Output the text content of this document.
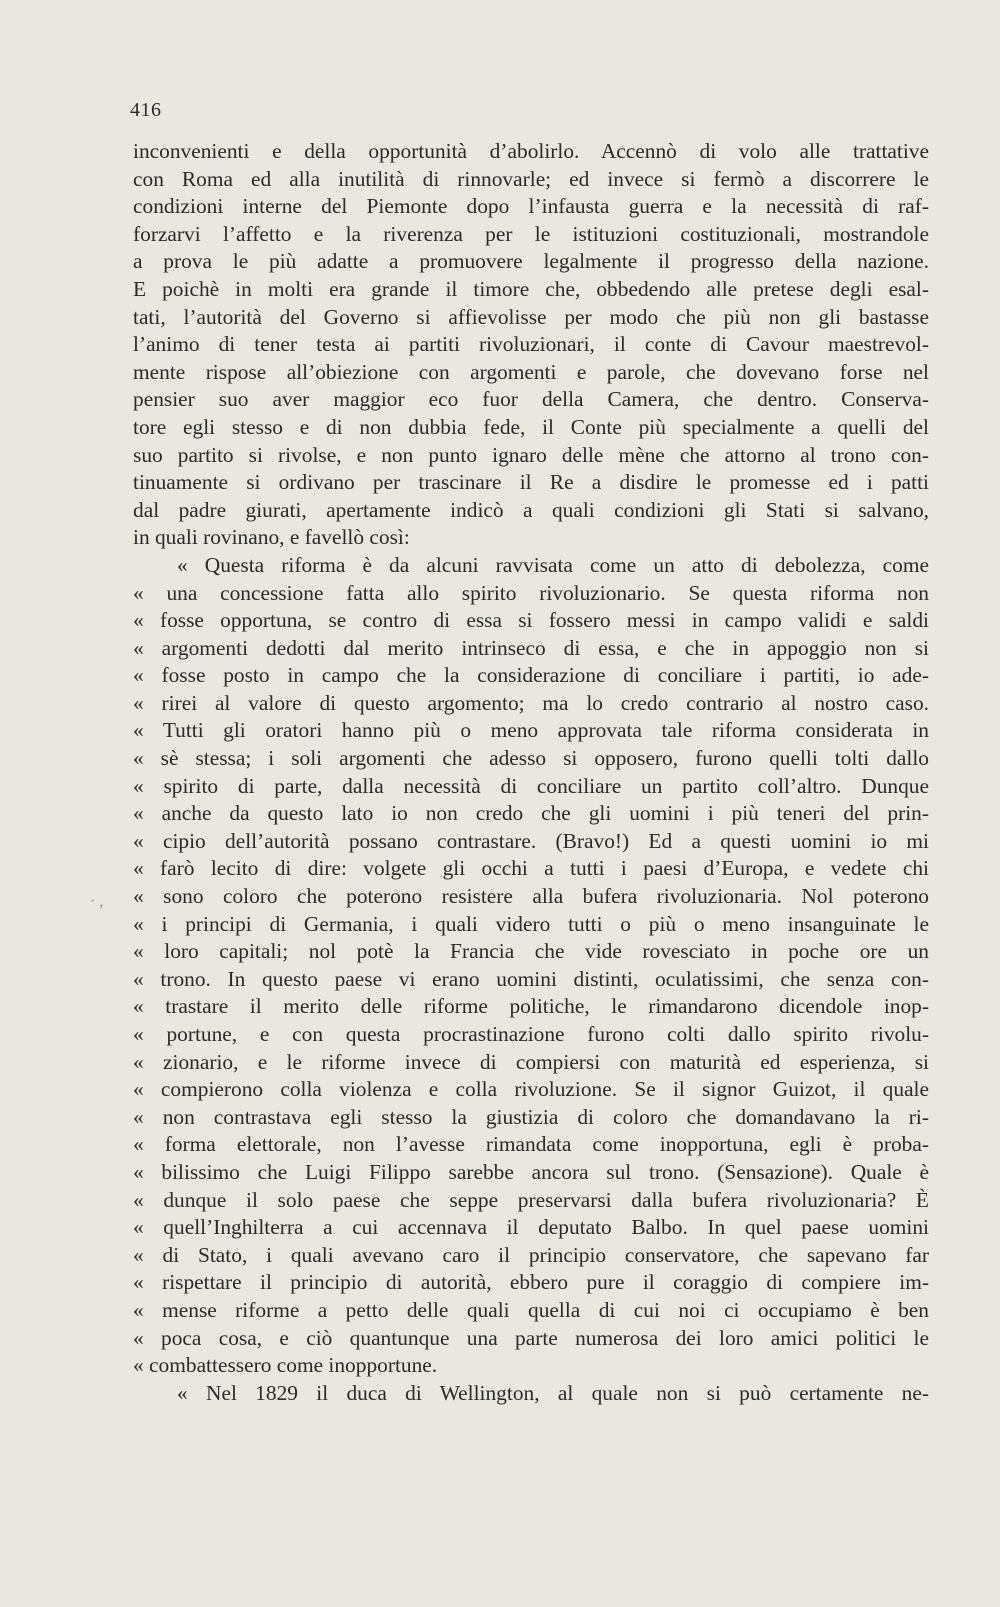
416
· ,
inconvenienti e della opportunità d’abolirlo. Accennò di volo alle trattative
con Roma ed alla inutilità di rinnovarle; ed invece si fermò a discorrere le
condizioni interne del Piemonte dopo l’infausta guerra e la necessità di raf-
forzarvi l’affetto e la riverenza per le istituzioni costituzionali, mostrandole
a prova le più adatte a promuovere legalmente il progresso della nazione.
E poichè in molti era grande il timore che, obbedendo alle pretese degli esal-
tati, l’autorità del Governo si affievolisse per modo che più non gli bastasse
l’animo di tener testa ai partiti rivoluzionari, il conte di Cavour maestrevol-
mente rispose all’obiezione con argomenti e parole, che dovevano forse nel
pensier suo aver maggior eco fuor della Camera, che dentro. Conserva-
tore egli stesso e di non dubbia fede, il Conte più specialmente a quelli del
suo partito si rivolse, e non punto ignaro delle mène che attorno al trono con-
tinuamente si ordivano per trascinare il Re a disdire le promesse ed i patti
dal padre giurati, apertamente indicò a quali condizioni gli Stati si salvano,
in quali rovinano, e favellò così:
« Questa riforma è da alcuni ravvisata come un atto di debolezza, come
« una concessione fatta allo spirito rivoluzionario. Se questa riforma non
« fosse opportuna, se contro di essa si fossero messi in campo validi e saldi
« argomenti dedotti dal merito intrinseco di essa, e che in appoggio non si
« fosse posto in campo che la considerazione di conciliare i partiti, io ade-
« rirei al valore di questo argomento; ma lo credo contrario al nostro caso.
« Tutti gli oratori hanno più o meno approvata tale riforma considerata in
« sè stessa; i soli argomenti che adesso si opposero, furono quelli tolti dallo
« spirito di parte, dalla necessità di conciliare un partito coll’altro. Dunque
« anche da questo lato io non credo che gli uomini i più teneri del prin-
« cipio dell’autorità possano contrastare. (Bravo!) Ed a questi uomini io mi
« farò lecito di dire: volgete gli occhi a tutti i paesi d’Europa, e vedete chi
« sono coloro che poterono resistere alla bufera rivoluzionaria. Nol poterono
« i principi di Germania, i quali videro tutti o più o meno insanguinate le
« loro capitali; nol potè la Francia che vide rovesciato in poche ore un
« trono. In questo paese vi erano uomini distinti, oculatissimi, che senza con-
« trastare il merito delle riforme politiche, le rimandarono dicendole inop-
« portune, e con questa procrastinazione furono colti dallo spirito rivolu-
« zionario, e le riforme invece di compiersi con maturità ed esperienza, si
« compierono colla violenza e colla rivoluzione. Se il signor Guizot, il quale
« non contrastava egli stesso la giustizia di coloro che domandavano la ri-
« forma elettorale, non l’avesse rimandata come inopportuna, egli è proba-
« bilissimo che Luigi Filippo sarebbe ancora sul trono. (Sensazione). Quale è
« dunque il solo paese che seppe preservarsi dalla bufera rivoluzionaria? È
« quell’Inghilterra a cui accennava il deputato Balbo. In quel paese uomini
« di Stato, i quali avevano caro il principio conservatore, che sapevano far
« rispettare il principio di autorità, ebbero pure il coraggio di compiere im-
« mense riforme a petto delle quali quella di cui noi ci occupiamo è ben
« poca cosa, e ciò quantunque una parte numerosa dei loro amici politici le
« combattessero come inopportune.
« Nel 1829 il duca di Wellington, al quale non si può certamente ne-
